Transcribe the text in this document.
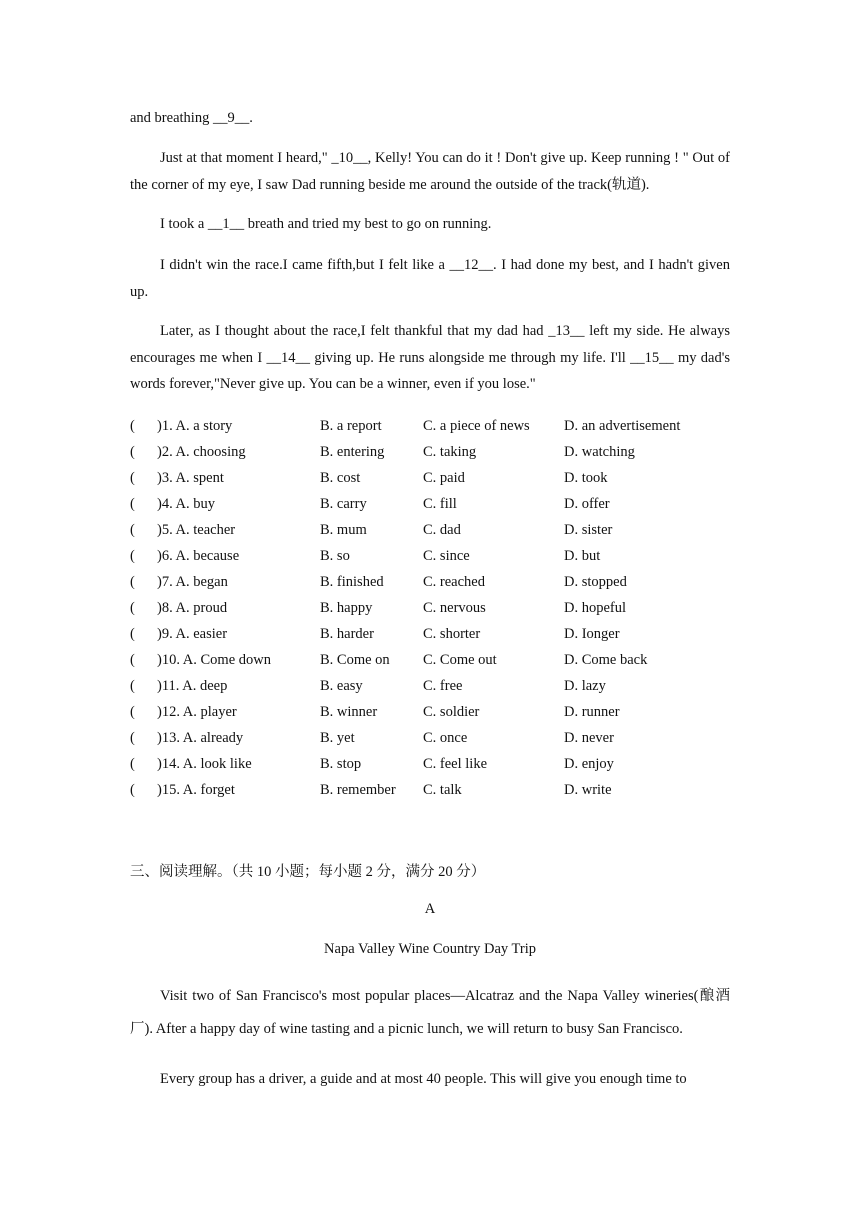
and breathing __9__.

Just at that moment I heard," _10__, Kelly! You can do it ! Don't give up. Keep running ! " Out of the corner of my eye, I saw Dad running beside me around the outside of the track(轨道).

I took a __1__ breath and tried my best to go on running.

I didn't win the race.I came fifth,but I felt like a __12__. I had done my best, and I hadn't given up.

Later, as I thought about the race,I felt thankful that my dad had _13__ left my side. He always encourages me when I __14__ giving up. He runs alongside me through my life. I'll __15__ my dad's words forever,"Never give up. You can be a winner, even if you lose."

( )1. A. a story	B. a report	C. a piece of news D. an advertisement
( )2. A. choosing	B. entering	C. taking	D. watching
( )3. A. spent	B. cost	C. paid	D. took
( )4. A. buy	B. carry	C. fill	D. offer
( )5. A. teacher	B. mum	C. dad	D. sister
( )6. A. because	B. so	C. since	D. but
( )7. A. began	B. finished	C. reached	D. stopped
( )8. A. proud	B. happy	C. nervous	D. hopeful
( )9. A. easier	B. harder	C. shorter	D. Ionger
( )10. A. Come down	B. Come on C. Come out	D. Come back
( )11. A. deep	B. easy	C. free	D. lazy
( )12. A. player	B. winner	C. soldier	D. runner
( )13. A. already	B. yet	C. once	D. never
( )14. A. look like	B. stop	C. feel like	D. enjoy
( )15. A. forget	B. remember C. talk	D. write

三、阅读理解。（共 10 小题；每小题 2 分，满分 20 分）

A

Napa Valley Wine Country Day Trip

Visit two of San Francisco's most popular places—Alcatraz and the Napa Valley wineries(酿酒厂). After a happy day of wine tasting and a picnic lunch, we will return to busy San Francisco.

Every group has a driver, a guide and at most 40 people. This will give you enough time to
